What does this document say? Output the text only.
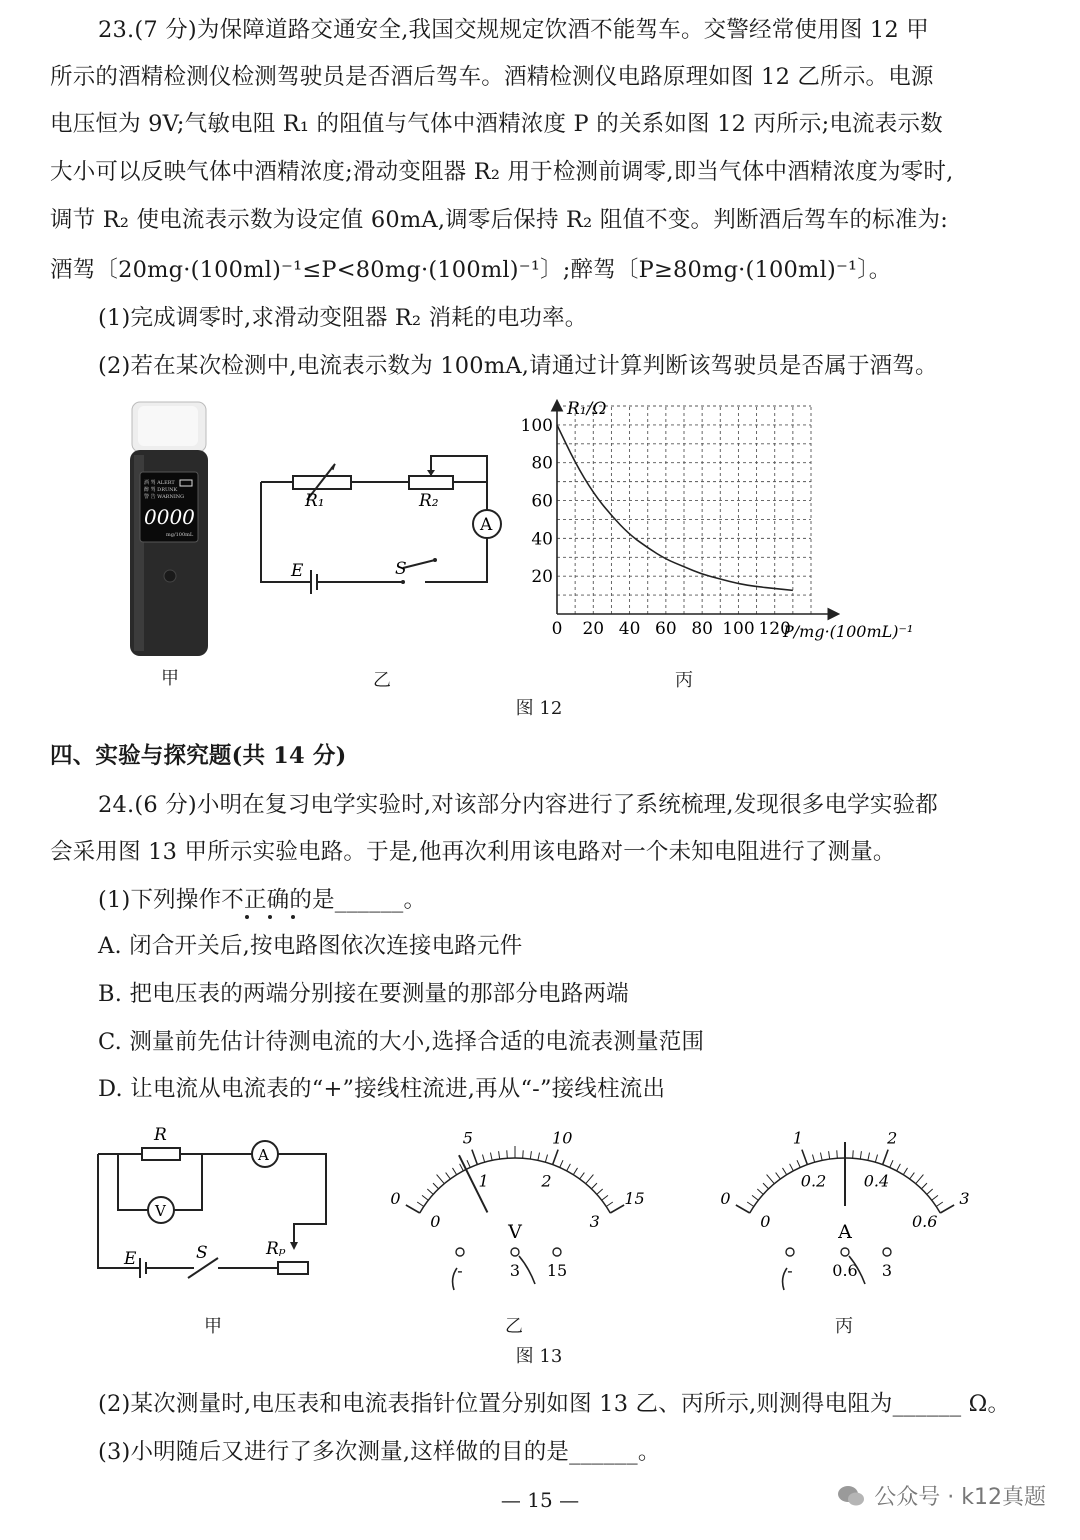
23.(7 分)为保障道路交通安全,我国交规规定饮酒不能驾车。交警经常使用图 12 甲
所示的酒精检测仪检测驾驶员是否酒后驾车。酒精检测仪电路原理如图 12 乙所示。电源
电压恒为 9V;气敏电阻 R₁ 的阻值与气体中酒精浓度 P 的关系如图 12 丙所示;电流表示数
大小可以反映气体中酒精浓度;滑动变阻器 R₂ 用于检测前调零,即当气体中酒精浓度为零时,
调节 R₂ 使电流表示数为设定值 60mA,调零后保持 R₂ 阻值不变。判断酒后驾车的标准为:
酒驾〔20mg·(100ml)⁻¹≤P<80mg·(100ml)⁻¹〕;醉驾〔P≥80mg·(100ml)⁻¹〕。
(1)完成调零时,求滑动变阻器 R₂ 消耗的电功率。
(2)若在某次检测中,电流表示数为 100mA,请通过计算判断该驾驶员是否属于酒驾。
酒 驾 ALERT
醉 驾 DRUNK
警 告 WARNING
0000
mg/100mL
甲
R₁	R₂
A
E	S
乙
0 20 40 60 80 100 120
20
40
60
80
100
R₁/Ω
P/mg·(100mL)⁻¹
丙
图 12
四、实验与探究题(共 14 分)
24.(6 分)小明在复习电学实验时,对该部分内容进行了系统梳理,发现很多电学实验都
会采用图 13 甲所示实验电路。于是,他再次利用该电路对一个未知电阻进行了测量。
(1)下列操作不正确的是______。
A. 闭合开关后,按电路图依次连接电路元件
B. 把电压表的两端分别接在要测量的那部分电路两端
C. 测量前先估计待测电流的大小,选择合适的电流表测量范围
D. 让电流从电流表的“+”接线柱流进,再从“-”接线柱流出
R
A
V
E	S	Rₚ
甲
0
5	10
15
0
1	2
3
V
-	3 15
乙
0
1	2
3
0
0.2 0.4
0.6
A
- 0.6 3
丙
图 13
(2)某次测量时,电压表和电流表指针位置分别如图 13 乙、丙所示,则测得电阻为______ Ω。
(3)小明随后又进行了多次测量,这样做的目的是______。
— 15 —	公众号 · k12真题
